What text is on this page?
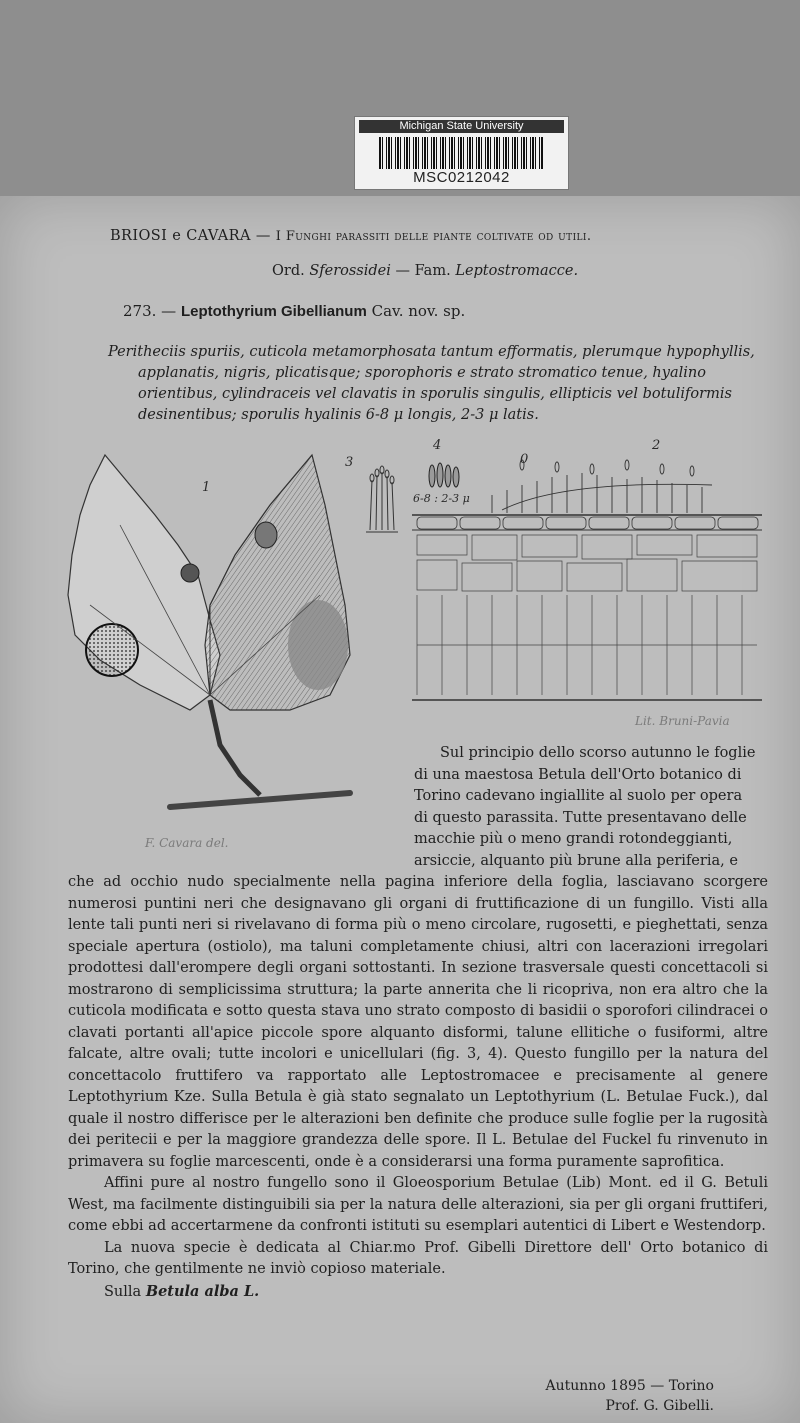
Michigan State University
MSC0212042
BRIOSI e CAVARA — I Funghi parassiti delle piante coltivate od utili.
Ord. Sferossidei — Fam. Leptostromacce.
273. — Leptothyrium Gibellianum Cav. nov. sp.
Peritheciis spuriis, cuticola metamorphosata tantum efformatis, plerumque hypophyllis,
applanatis, nigris, plicatisque; sporophoris e strato stromatico tenue, hyalino
orientibus, cylindraceis vel clavatis in sporulis singulis, ellipticis vel botuliformis
desinentibus; sporulis hyalinis 6-8 μ longis, 2-3 μ latis.
1
3
4
6-8 : 2-3 μ
0
2
F. Cavara del.
Lit. Bruni-Pavia
Sul principio dello scorso autunno le foglie
di una maestosa Betula dell'Orto botanico di
Torino cadevano ingiallite al suolo per opera
di questo parassita. Tutte presentavano delle
macchie più o meno grandi rotondeggianti,
arsiccie, alquanto più brune alla periferia, e

che ad occhio nudo specialmente nella pagina inferiore della foglia, lasciavano scorgere numerosi puntini neri che designavano gli organi di fruttificazione di un fungillo. Visti alla lente tali punti neri si rivelavano di forma più o meno circolare, rugosetti, e pieghettati, senza speciale apertura (ostiolo), ma taluni completamente chiusi, altri con lacerazioni irregolari prodottesi dall'erompere degli organi sottostanti. In sezione trasversale questi concettacoli si mostrarono di semplicissima struttura; la parte annerita che li ricopriva, non era altro che la cuticola modificata e sotto questa stava uno strato composto di basidii o sporofori cilindracei o clavati portanti all'apice piccole spore alquanto disformi, talune ellitiche o fusiformi, altre falcate, altre ovali; tutte incolori e unicellulari (fig. 3, 4). Questo fungillo per la natura del concettacolo fruttifero va rapportato alle Leptostromacee e precisamente al genere Leptothyrium Kze. Sulla Betula è già stato segnalato un Leptothyrium (L. Betulae Fuck.), dal quale il nostro differisce per le alterazioni ben definite che produce sulle foglie per la rugosità dei peritecii e per la maggiore grandezza delle spore. Il L. Betulae del Fuckel fu rinvenuto in primavera su foglie marcescenti, onde è a considerarsi una forma puramente saprofitica.

Affini pure al nostro fungello sono il Gloeosporium Betulae (Lib) Mont. ed il G. Betuli West, ma facilmente distinguibili sia per la natura delle alterazioni, sia per gli organi fruttiferi, come ebbi ad accertarmene da confronti istituti su esemplari autentici di Libert e Westendorp.

La nuova specie è dedicata al Chiar.mo Prof. Gibelli Direttore dell' Orto botanico di Torino, che gentilmente ne inviò copioso materiale.

Sulla Betula alba L.

Autunno 1895 — Torino
Prof. G. Gibelli.
